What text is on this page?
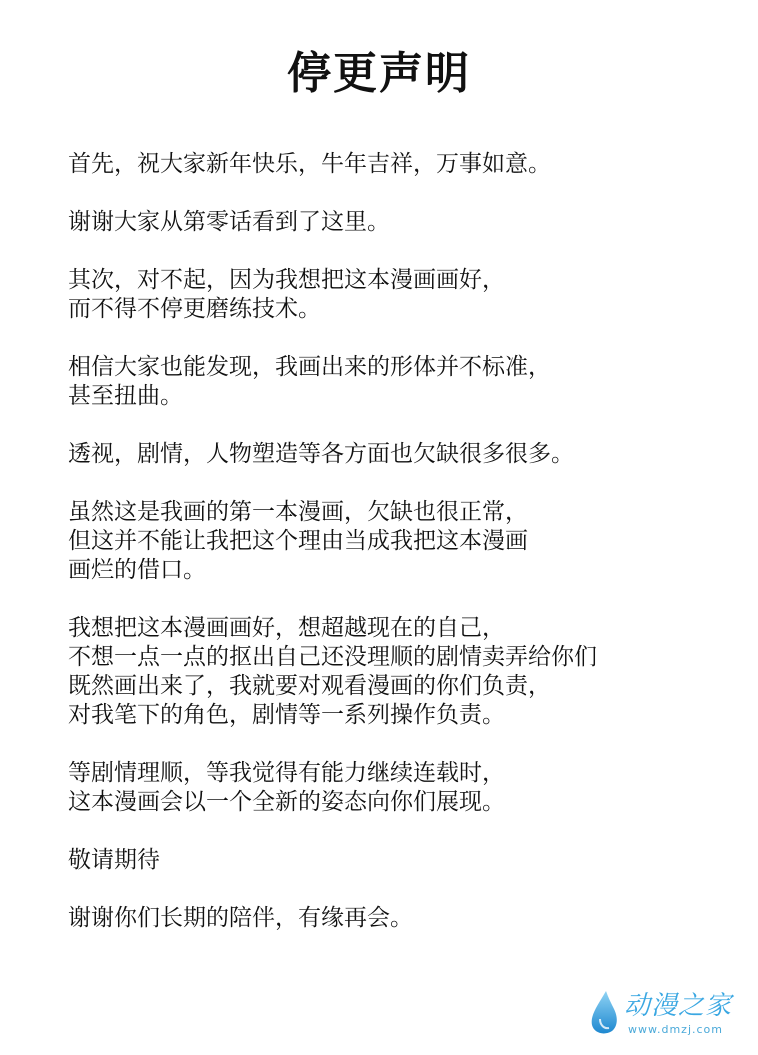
停更声明

首先，祝大家新年快乐，牛年吉祥，万事如意。

谢谢大家从第零话看到了这里。

其次，对不起，因为我想把这本漫画画好，
而不得不停更磨练技术。

相信大家也能发现，我画出来的形体并不标准，
甚至扭曲。

透视，剧情，人物塑造等各方面也欠缺很多很多。

虽然这是我画的第一本漫画，欠缺也很正常，
但这并不能让我把这个理由当成我把这本漫画
画烂的借口。

我想把这本漫画画好，想超越现在的自己，
不想一点一点的抠出自己还没理顺的剧情卖弄给你们
既然画出来了，我就要对观看漫画的你们负责，
对我笔下的角色，剧情等一系列操作负责。

等剧情理顺，等我觉得有能力继续连载时，
这本漫画会以一个全新的姿态向你们展现。

敬请期待

谢谢你们长期的陪伴，有缘再会。

动漫之家
www.dmzj.com
